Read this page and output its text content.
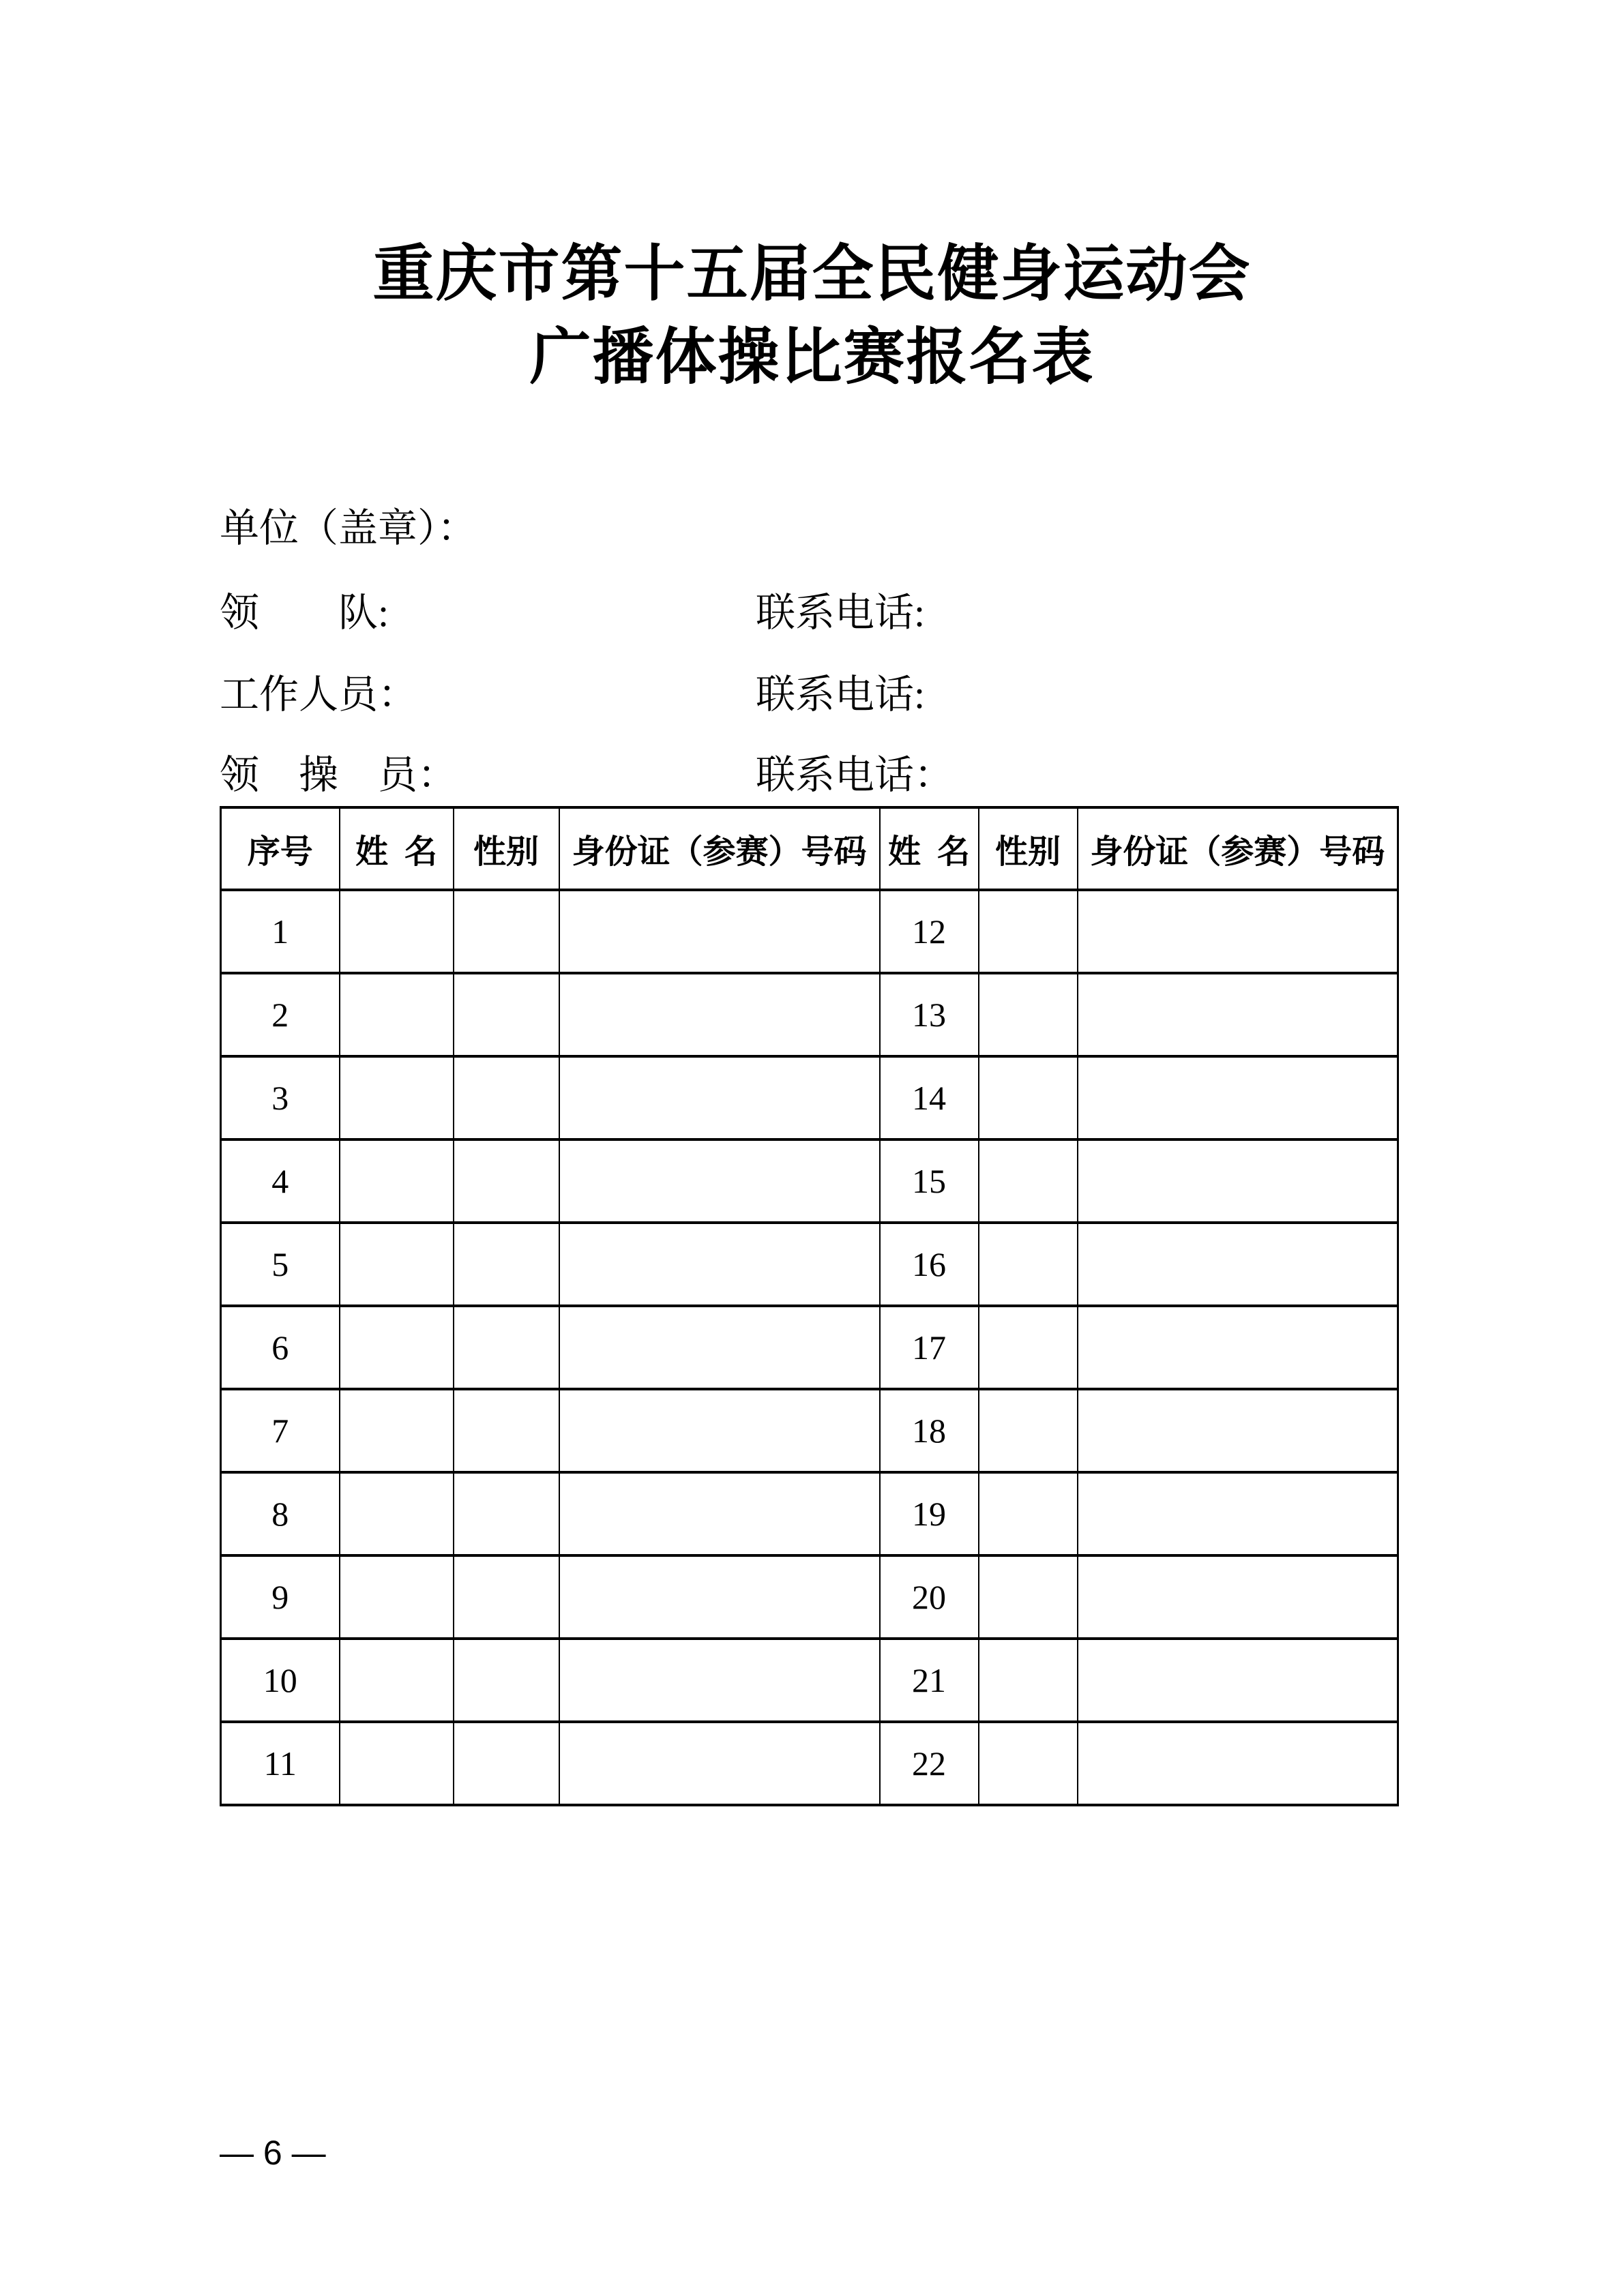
重庆市第十五届全民健身运动会
广播体操比赛报名表
单位（盖章）：
领　　队:	联系电话:
工作人员：	联系电话:
领　操　员：	联系电话：
序号	姓 名	性别	身份证（参赛）号码	姓 名	性别	身份证（参赛）号码
1				12		
2				13		
3				14		
4				15		
5				16		
6				17		
7				18		
8				19		
9				20		
10				21		
11				22		
— 6 —
